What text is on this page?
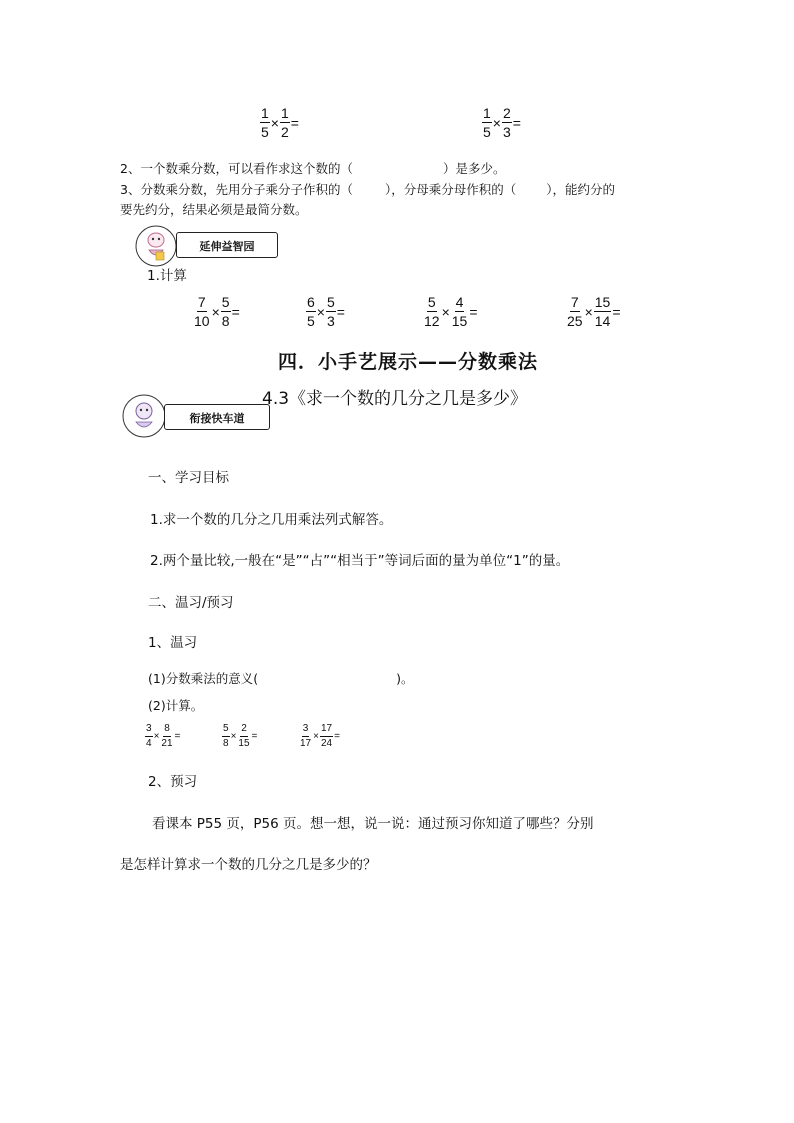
$\frac{1}{5} \times \frac{1}{2}$ =	$\frac{1}{5} \times \frac{2}{3}$ =
2、一个数乘分数，可以看作求这个数的（	）是多少。
3、分数乘分数，先用分子乘分子作积的（	），分母乘分母作积的（ ），能约分的
要先约分，结果必须是最简分数。
延伸益智园
1.计算
$\frac{7}{10} \times \frac{5}{8}$ =	$\frac{6}{5} \times \frac{5}{3}$ =	$\frac{5}{12} \times \frac{4}{15}$ =	$\frac{7}{25} \times \frac{15}{14}$ =
四．小手艺展示——分数乘法
衔接快车道
4.3《求一个数的几分之几是多少》
一、学习目标
1.求一个数的几分之几用乘法列式解答。
2.两个量比较,一般在“是”“占”“相当于”等词后面的量为单位“1”的量。
二、温习/预习
1、温习
(1)分数乘法的意义(	)。
(2)计算。
$\frac{3}{4} \times \frac{8}{21}$ =	$\frac{5}{8} \times \frac{2}{15}$ =	$\frac{3}{17} \times \frac{17}{24}$ =
2、预习
看课本 P55 页，P56 页。想一想，说一说：通过预习你知道了哪些？分别
是怎样计算求一个数的几分之几是多少的？
